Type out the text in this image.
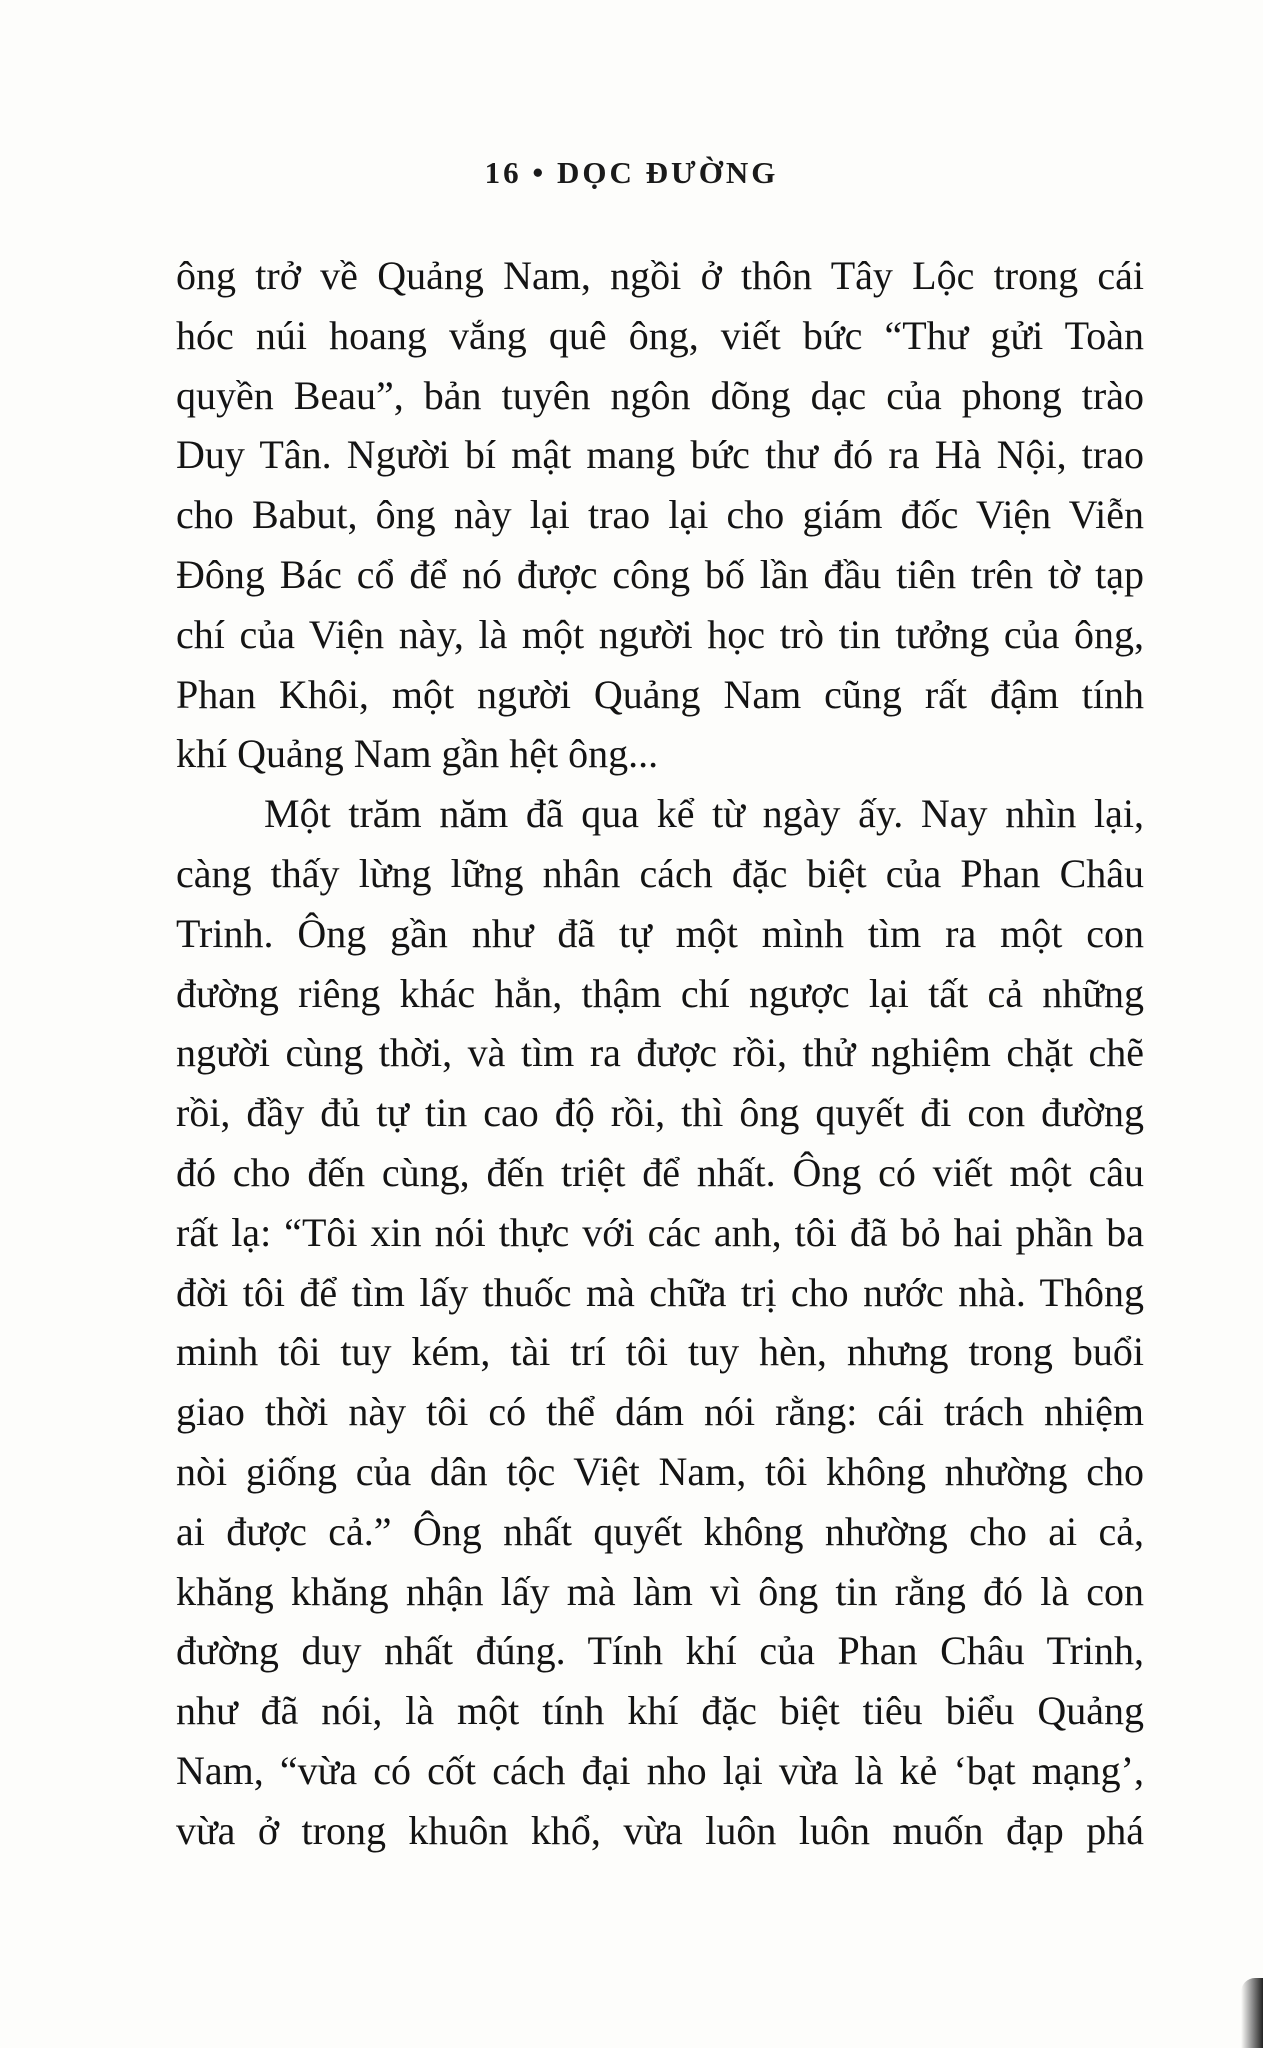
16 • DỌC ĐƯỜNG
ông trở về Quảng Nam, ngồi ở thôn Tây Lộc trong cái
hóc núi hoang vắng quê ông, viết bức “Thư gửi Toàn
quyền Beau”, bản tuyên ngôn dõng dạc của phong trào
Duy Tân. Người bí mật mang bức thư đó ra Hà Nội, trao
cho Babut, ông này lại trao lại cho giám đốc Viện Viễn
Đông Bác cổ để nó được công bố lần đầu tiên trên tờ tạp
chí của Viện này, là một người học trò tin tưởng của ông,
Phan Khôi, một người Quảng Nam cũng rất đậm tính
khí Quảng Nam gần hệt ông...
Một trăm năm đã qua kể từ ngày ấy. Nay nhìn lại,
càng thấy lừng lững nhân cách đặc biệt của Phan Châu
Trinh. Ông gần như đã tự một mình tìm ra một con
đường riêng khác hẳn, thậm chí ngược lại tất cả những
người cùng thời, và tìm ra được rồi, thử nghiệm chặt chẽ
rồi, đầy đủ tự tin cao độ rồi, thì ông quyết đi con đường
đó cho đến cùng, đến triệt để nhất. Ông có viết một câu
rất lạ: “Tôi xin nói thực với các anh, tôi đã bỏ hai phần ba
đời tôi để tìm lấy thuốc mà chữa trị cho nước nhà. Thông
minh tôi tuy kém, tài trí tôi tuy hèn, nhưng trong buổi
giao thời này tôi có thể dám nói rằng: cái trách nhiệm
nòi giống của dân tộc Việt Nam, tôi không nhường cho
ai được cả.” Ông nhất quyết không nhường cho ai cả,
khăng khăng nhận lấy mà làm vì ông tin rằng đó là con
đường duy nhất đúng. Tính khí của Phan Châu Trinh,
như đã nói, là một tính khí đặc biệt tiêu biểu Quảng
Nam, “vừa có cốt cách đại nho lại vừa là kẻ ‘bạt mạng’,
vừa ở trong khuôn khổ, vừa luôn luôn muốn đạp phá
